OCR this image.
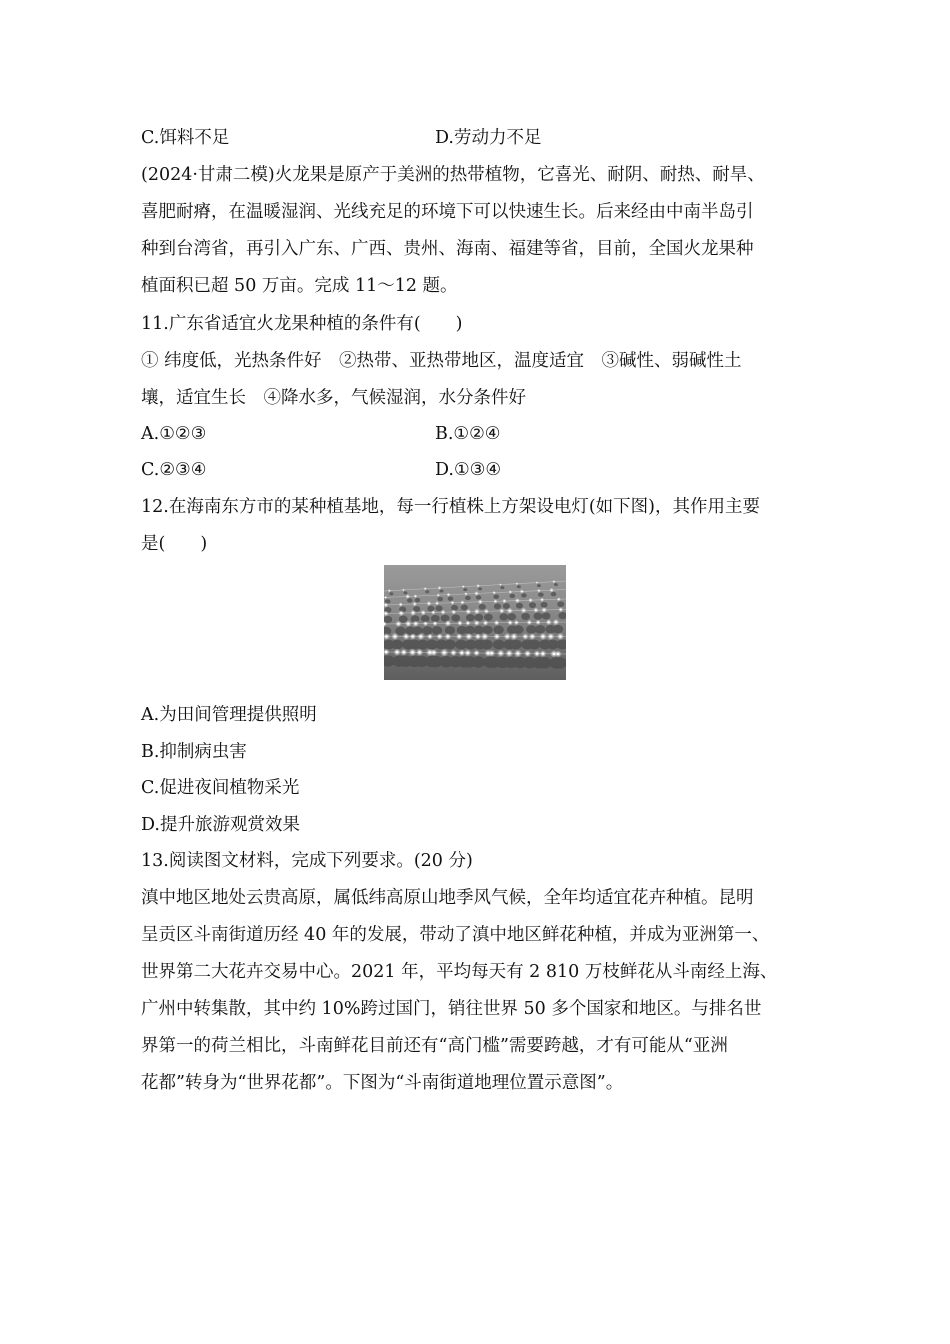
C.饵料不足	D.劳动力不足
(2024·甘肃二模)火龙果是原产于美洲的热带植物，它喜光、耐阴、耐热、耐旱、
喜肥耐瘠，在温暖湿润、光线充足的环境下可以快速生长。后来经由中南半岛引
种到台湾省，再引入广东、广西、贵州、海南、福建等省，目前，全国火龙果种
植面积已超 50 万亩。完成 11～12 题。
11.广东省适宜火龙果种植的条件有(　　)
① 纬度低，光热条件好　②热带、亚热带地区，温度适宜　③碱性、弱碱性土
壤，适宜生长　④降水多，气候湿润，水分条件好
A.①②③	B.①②④
C.②③④	D.①③④
12.在海南东方市的某种植基地，每一行植株上方架设电灯(如下图)，其作用主要
是(　　)
A.为田间管理提供照明
B.抑制病虫害
C.促进夜间植物采光
D.提升旅游观赏效果
13.阅读图文材料，完成下列要求。(20 分)
滇中地区地处云贵高原，属低纬高原山地季风气候，全年均适宜花卉种植。昆明
呈贡区斗南街道历经 40 年的发展，带动了滇中地区鲜花种植，并成为亚洲第一、
世界第二大花卉交易中心。2021 年，平均每天有 2 810 万枝鲜花从斗南经上海、
广州中转集散，其中约 10%跨过国门，销往世界 50 多个国家和地区。与排名世
界第一的荷兰相比，斗南鲜花目前还有“高门槛”需要跨越，才有可能从“亚洲
花都”转身为“世界花都”。下图为“斗南街道地理位置示意图”。
